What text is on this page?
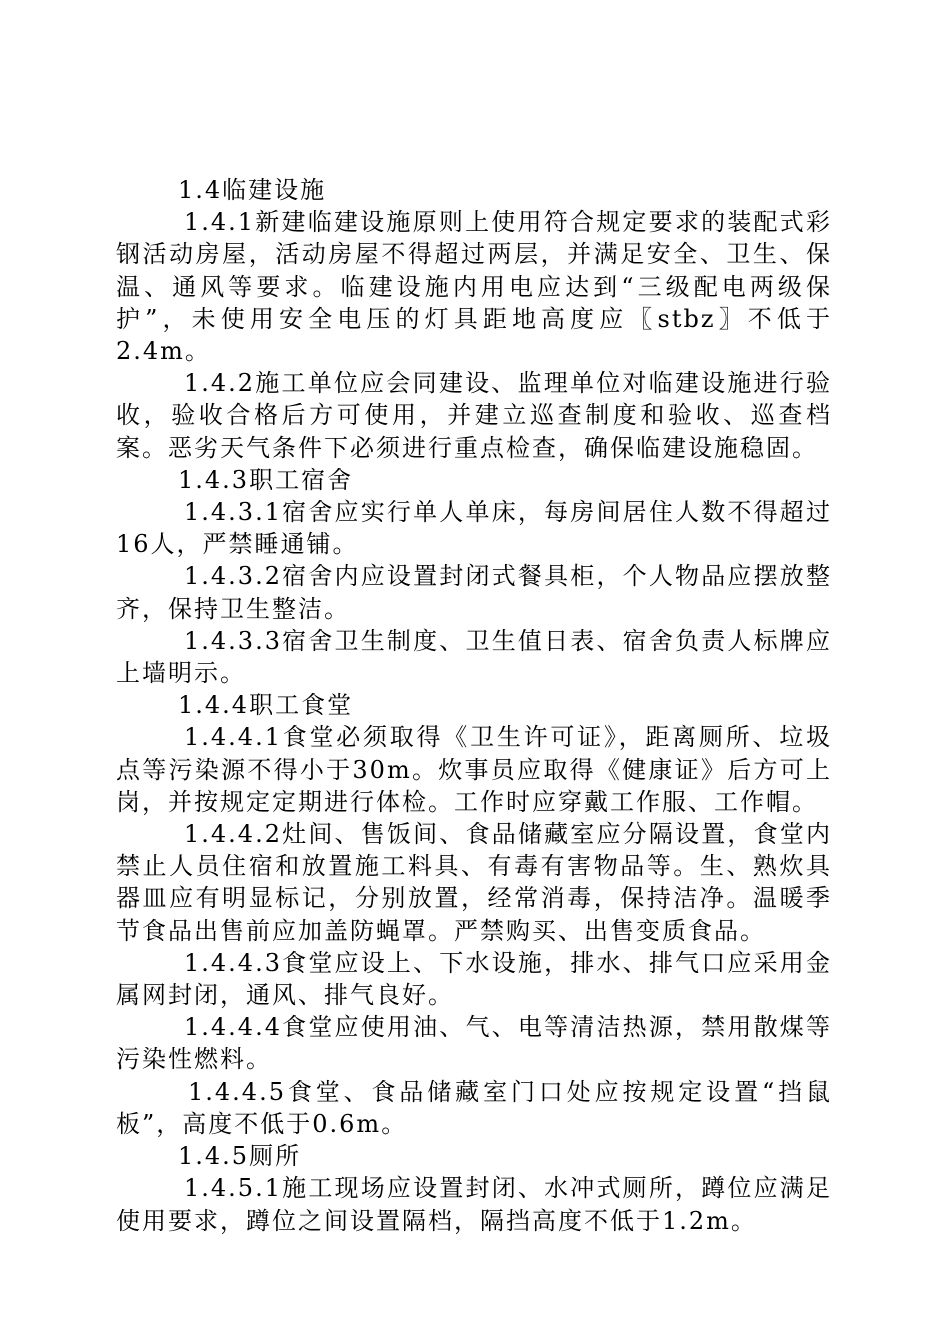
1.4临建设施

1.4.1新建临建设施原则上使用符合规定要求的装配式彩钢活动房屋，活动房屋不得超过两层，并满足安全、卫生、保温、通风等要求。临建设施内用电应达到“三级配电两级保护”，未使用安全电压的灯具距地高度应〖stbz〗不低于2.4m。

1.4.2施工单位应会同建设、监理单位对临建设施进行验收，验收合格后方可使用，并建立巡查制度和验收、巡查档案。恶劣天气条件下必须进行重点检查，确保临建设施稳固。

1.4.3职工宿舍

1.4.3.1宿舍应实行单人单床，每房间居住人数不得超过16人，严禁睡通铺。

1.4.3.2宿舍内应设置封闭式餐具柜，个人物品应摆放整齐，保持卫生整洁。

1.4.3.3宿舍卫生制度、卫生值日表、宿舍负责人标牌应上墙明示。

1.4.4职工食堂

1.4.4.1食堂必须取得《卫生许可证》，距离厕所、垃圾点等污染源不得小于30m。炊事员应取得《健康证》后方可上岗，并按规定定期进行体检。工作时应穿戴工作服、工作帽。

1.4.4.2灶间、售饭间、食品储藏室应分隔设置，食堂内禁止人员住宿和放置施工料具、有毒有害物品等。生、熟炊具器皿应有明显标记，分别放置，经常消毒，保持洁净。温暖季节食品出售前应加盖防蝇罩。严禁购买、出售变质食品。

1.4.4.3食堂应设上、下水设施，排水、排气口应采用金属网封闭，通风、排气良好。

1.4.4.4食堂应使用油、气、电等清洁热源，禁用散煤等污染性燃料。

1.4.4.5食堂、食品储藏室门口处应按规定设置“挡鼠板”，高度不低于0.6m。

1.4.5厕所

1.4.5.1施工现场应设置封闭、水冲式厕所，蹲位应满足使用要求，蹲位之间设置隔档，隔挡高度不低于1.2m。
